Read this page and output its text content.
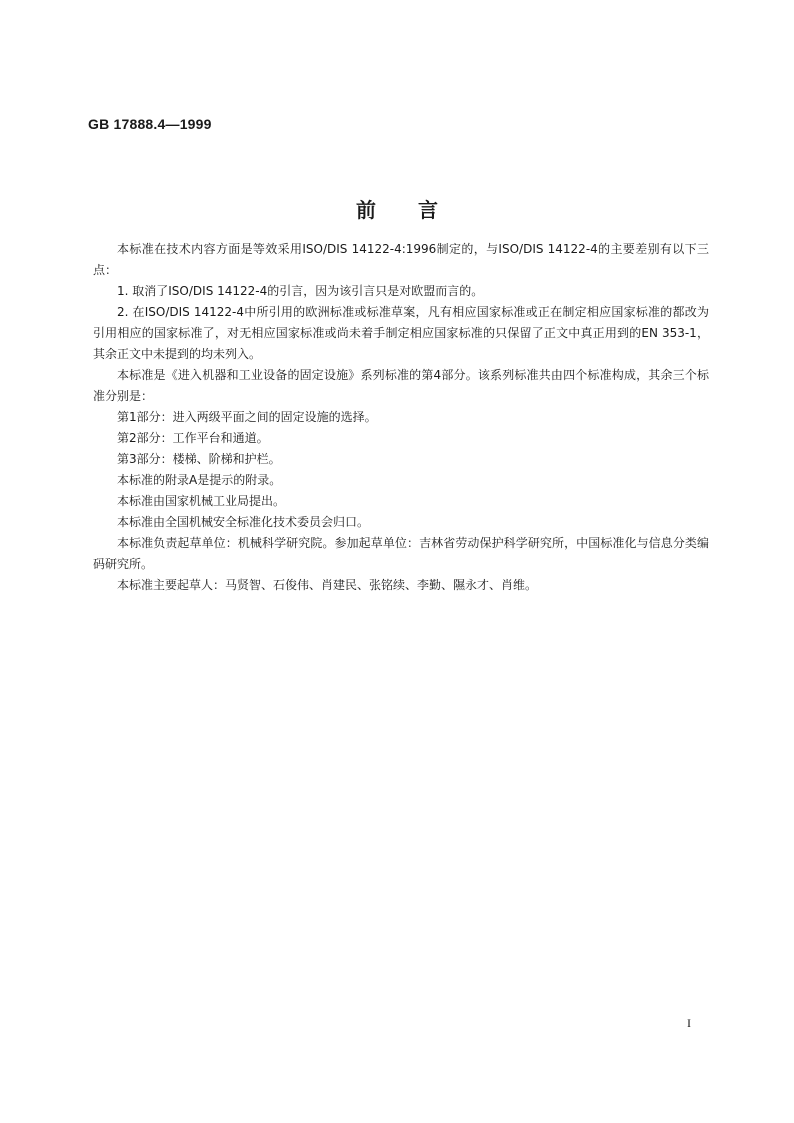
GB 17888.4—1999
前言

本标准在技术内容方面是等效采用ISO/DIS 14122-4:1996制定的，与ISO/DIS 14122-4的主要差别有以下三点：

1. 取消了ISO/DIS 14122-4的引言，因为该引言只是对欧盟而言的。

2. 在ISO/DIS 14122-4中所引用的欧洲标准或标准草案，凡有相应国家标准或正在制定相应国家标准的都改为引用相应的国家标准了，对无相应国家标准或尚未着手制定相应国家标准的只保留了正文中真正用到的EN 353-1，其余正文中未提到的均未列入。

本标准是《进入机器和工业设备的固定设施》系列标准的第4部分。该系列标准共由四个标准构成，其余三个标准分别是：

第1部分：进入两级平面之间的固定设施的选择。

第2部分：工作平台和通道。

第3部分：楼梯、阶梯和护栏。

本标准的附录A是提示的附录。

本标准由国家机械工业局提出。

本标准由全国机械安全标准化技术委员会归口。

本标准负责起草单位：机械科学研究院。参加起草单位：吉林省劳动保护科学研究所，中国标准化与信息分类编码研究所。

本标准主要起草人：马贤智、石俊伟、肖建民、张铭续、李勤、隰永才、肖维。

I
